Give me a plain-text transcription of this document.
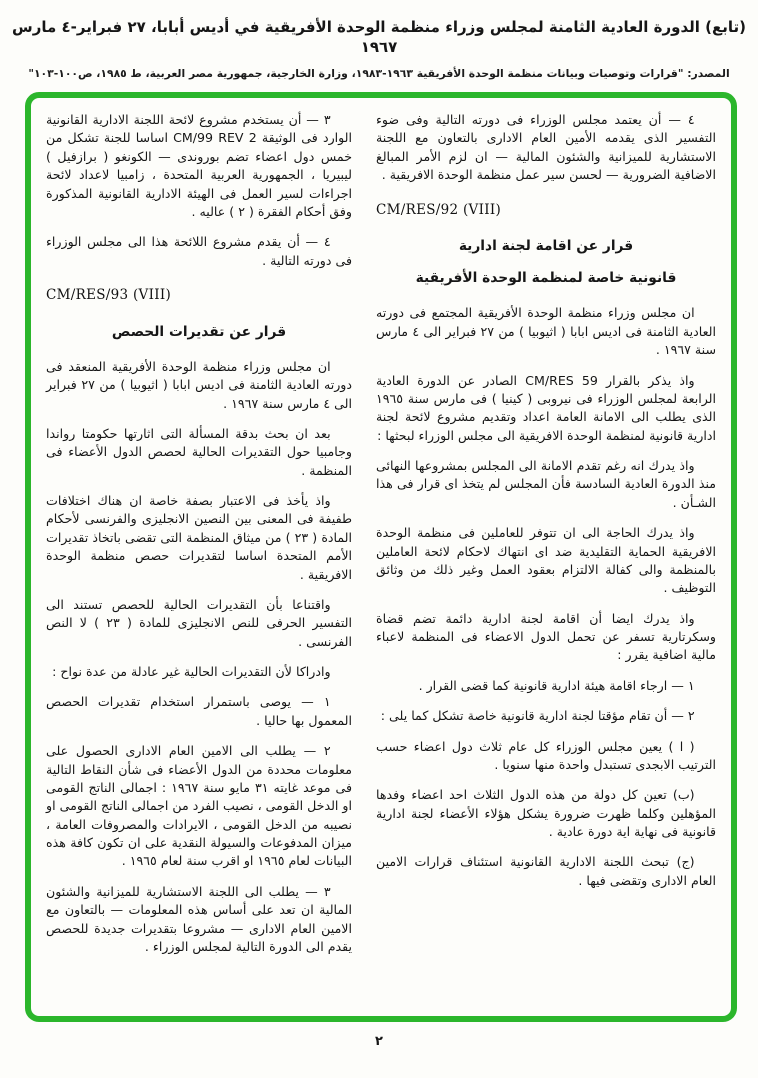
(تابع) الدورة العادية الثامنة لمجلس وزراء منظمة الوحدة الأفريقية في أديس أبابا، ٢٧ فبراير-٤ مارس ١٩٦٧
المصدر: "قرارات وتوصيات وبيانات منظمة الوحدة الأفريقية ١٩٦٣-١٩٨٣، وزارة الخارجية، جمهورية مصر العربية، ط ١٩٨٥، ص١٠٠-١٠٣"

٤ — أن يعتمد مجلس الوزراء فى دورته التالية وفى ضوء التفسير الذى يقدمه الأمين العام الادارى بالتعاون مع اللجنة الاستشارية للميزانية والشئون المالية — ان لزم الأمر المبالغ الاضافية الضرورية — لحسن سير عمل منظمة الوحدة الافريقية .

CM/RES/92 (VIII)
قرار عن اقامة لجنة ادارية
قانونية خاصة لمنظمة الوحدة الأفريقية

ان مجلس وزراء منظمة الوحدة الأفريقية المجتمع فى دورته العادية الثامنة فى اديس ابابا ( اثيوبيا ) من ٢٧ فبراير الى ٤ مارس سنة ١٩٦٧ .

واذ يذكر بالقرار CM/RES 59 الصادر عن الدورة العادية الرابعة لمجلس الوزراء فى نيروبى ( كينيا ) فى مارس سنة ١٩٦٥ الذى يطلب الى الامانة العامة اعداد وتقديم مشروع لائحة لجنة ادارية قانونية لمنظمة الوحدة الافريقية الى مجلس الوزراء لبحثها :

واذ يدرك انه رغم تقدم الامانة الى المجلس بمشروعها النهائى منذ الدورة العادية السادسة فأن المجلس لم يتخذ اى قرار فى هذا الشـأن .

واذ يدرك الحاجة الى ان تتوفر للعاملين فى منظمة الوحدة الافريقية الحماية التقليدية ضد اى انتهاك لاحكام لائحة العاملين بالمنظمة والى كفالة الالتزام بعقود العمل وغير ذلك من وثائق التوظيف .

واذ يدرك ايضا أن اقامة لجنة ادارية دائمة تضم قضاة وسكرتارية تسفر عن تحمل الدول الاعضاء فى المنظمة لاعباء مالية اضافية يقرر :

١ — ارجاء اقامة هيئة ادارية قانونية كما قضى القرار .

٢ — أن تقام مؤقتا لجنة ادارية قانونية خاصة تشكل كما يلى :

( ا ) يعين مجلس الوزراء كل عام ثلاث دول اعضاء حسب الترتيب الابجدى تستبدل واحدة منها سنويا .

(ب) تعين كل دولة من هذه الدول الثلاث احد اعضاء وفدها المؤهلين وكلما ظهرت ضرورة يشكل هؤلاء الأعضاء لجنة ادارية قانونية فى نهاية اية دورة عادية .

(ج) تبحث اللجنة الادارية القانونية استئناف قرارات الامين العام الادارى وتقضى فيها .

٣ — أن يستخدم مشروع لائحة اللجنة الادارية القانونية الوارد فى الوثيقة CM/99 REV 2 اساسا للجنة تشكل من خمس دول اعضاء تضم بوروندى — الكونغو ( برازفيل ) ليبيريا ، الجمهورية العربية المتحدة ، زامبيا لاعداد لائحة اجراءات لسير العمل فى الهيئة الادارية القانونية المذكورة وفق أحكام الفقرة ( ٢ ) عاليه .

٤ — أن يقدم مشروع اللائحة هذا الى مجلس الوزراء فى دورته التالية .

CM/RES/93 (VIII)
قرار عن تقديرات الحصص

ان مجلس وزراء منظمة الوحدة الأفريقية المنعقد فى دورته العادية الثامنة فى اديس ابابا ( اثيوبيا ) من ٢٧ فبراير الى ٤ مارس سنة ١٩٦٧ .

بعد ان بحث بدقة المسألة التى اثارتها حكومتا رواندا وجامبيا حول التقديرات الحالية لحصص الدول الأعضاء فى المنظمة .

واذ يأخذ فى الاعتبار بصفة خاصة ان هناك اختلافات طفيفة فى المعنى بين النصين الانجليزى والفرنسى لأحكام المادة ( ٢٣ ) من ميثاق المنظمة التى تقضى باتخاذ تقديرات الأمم المتحدة اساسا لتقديرات حصص منظمة الوحدة الافريقية .

واقتناعا بأن التقديرات الحالية للحصص تستند الى التفسير الحرفى للنص الانجليزى للمادة ( ٢٣ ) لا النص الفرنسى .

وادراكا لأن التقديرات الحالية غير عادلة من عدة نواح :

١ — يوصى باستمرار استخدام تقديرات الحصص المعمول بها حاليا .

٢ — يطلب الى الامين العام الادارى الحصول على معلومات محددة من الدول الأعضاء فى شأن النقاط التالية فى موعد غايته ٣١ مايو سنة ١٩٦٧ : اجمالى الناتج القومى او الدخل القومى ، نصيب الفرد من اجمالى الناتج القومى او نصيبه من الدخل القومى ، الايرادات والمصروفات العامة ، ميزان المدفوعات والسيولة النقدية على ان تكون كافة هذه البيانات لعام ١٩٦٥ او اقرب سنة لعام ١٩٦٥ .

٣ — يطلب الى اللجنة الاستشارية للميزانية والشئون المالية ان تعد على أساس هذه المعلومات — بالتعاون مع الامين العام الادارى — مشروعا بتقديرات جديدة للحصص يقدم الى الدورة التالية لمجلس الوزراء .

٢
